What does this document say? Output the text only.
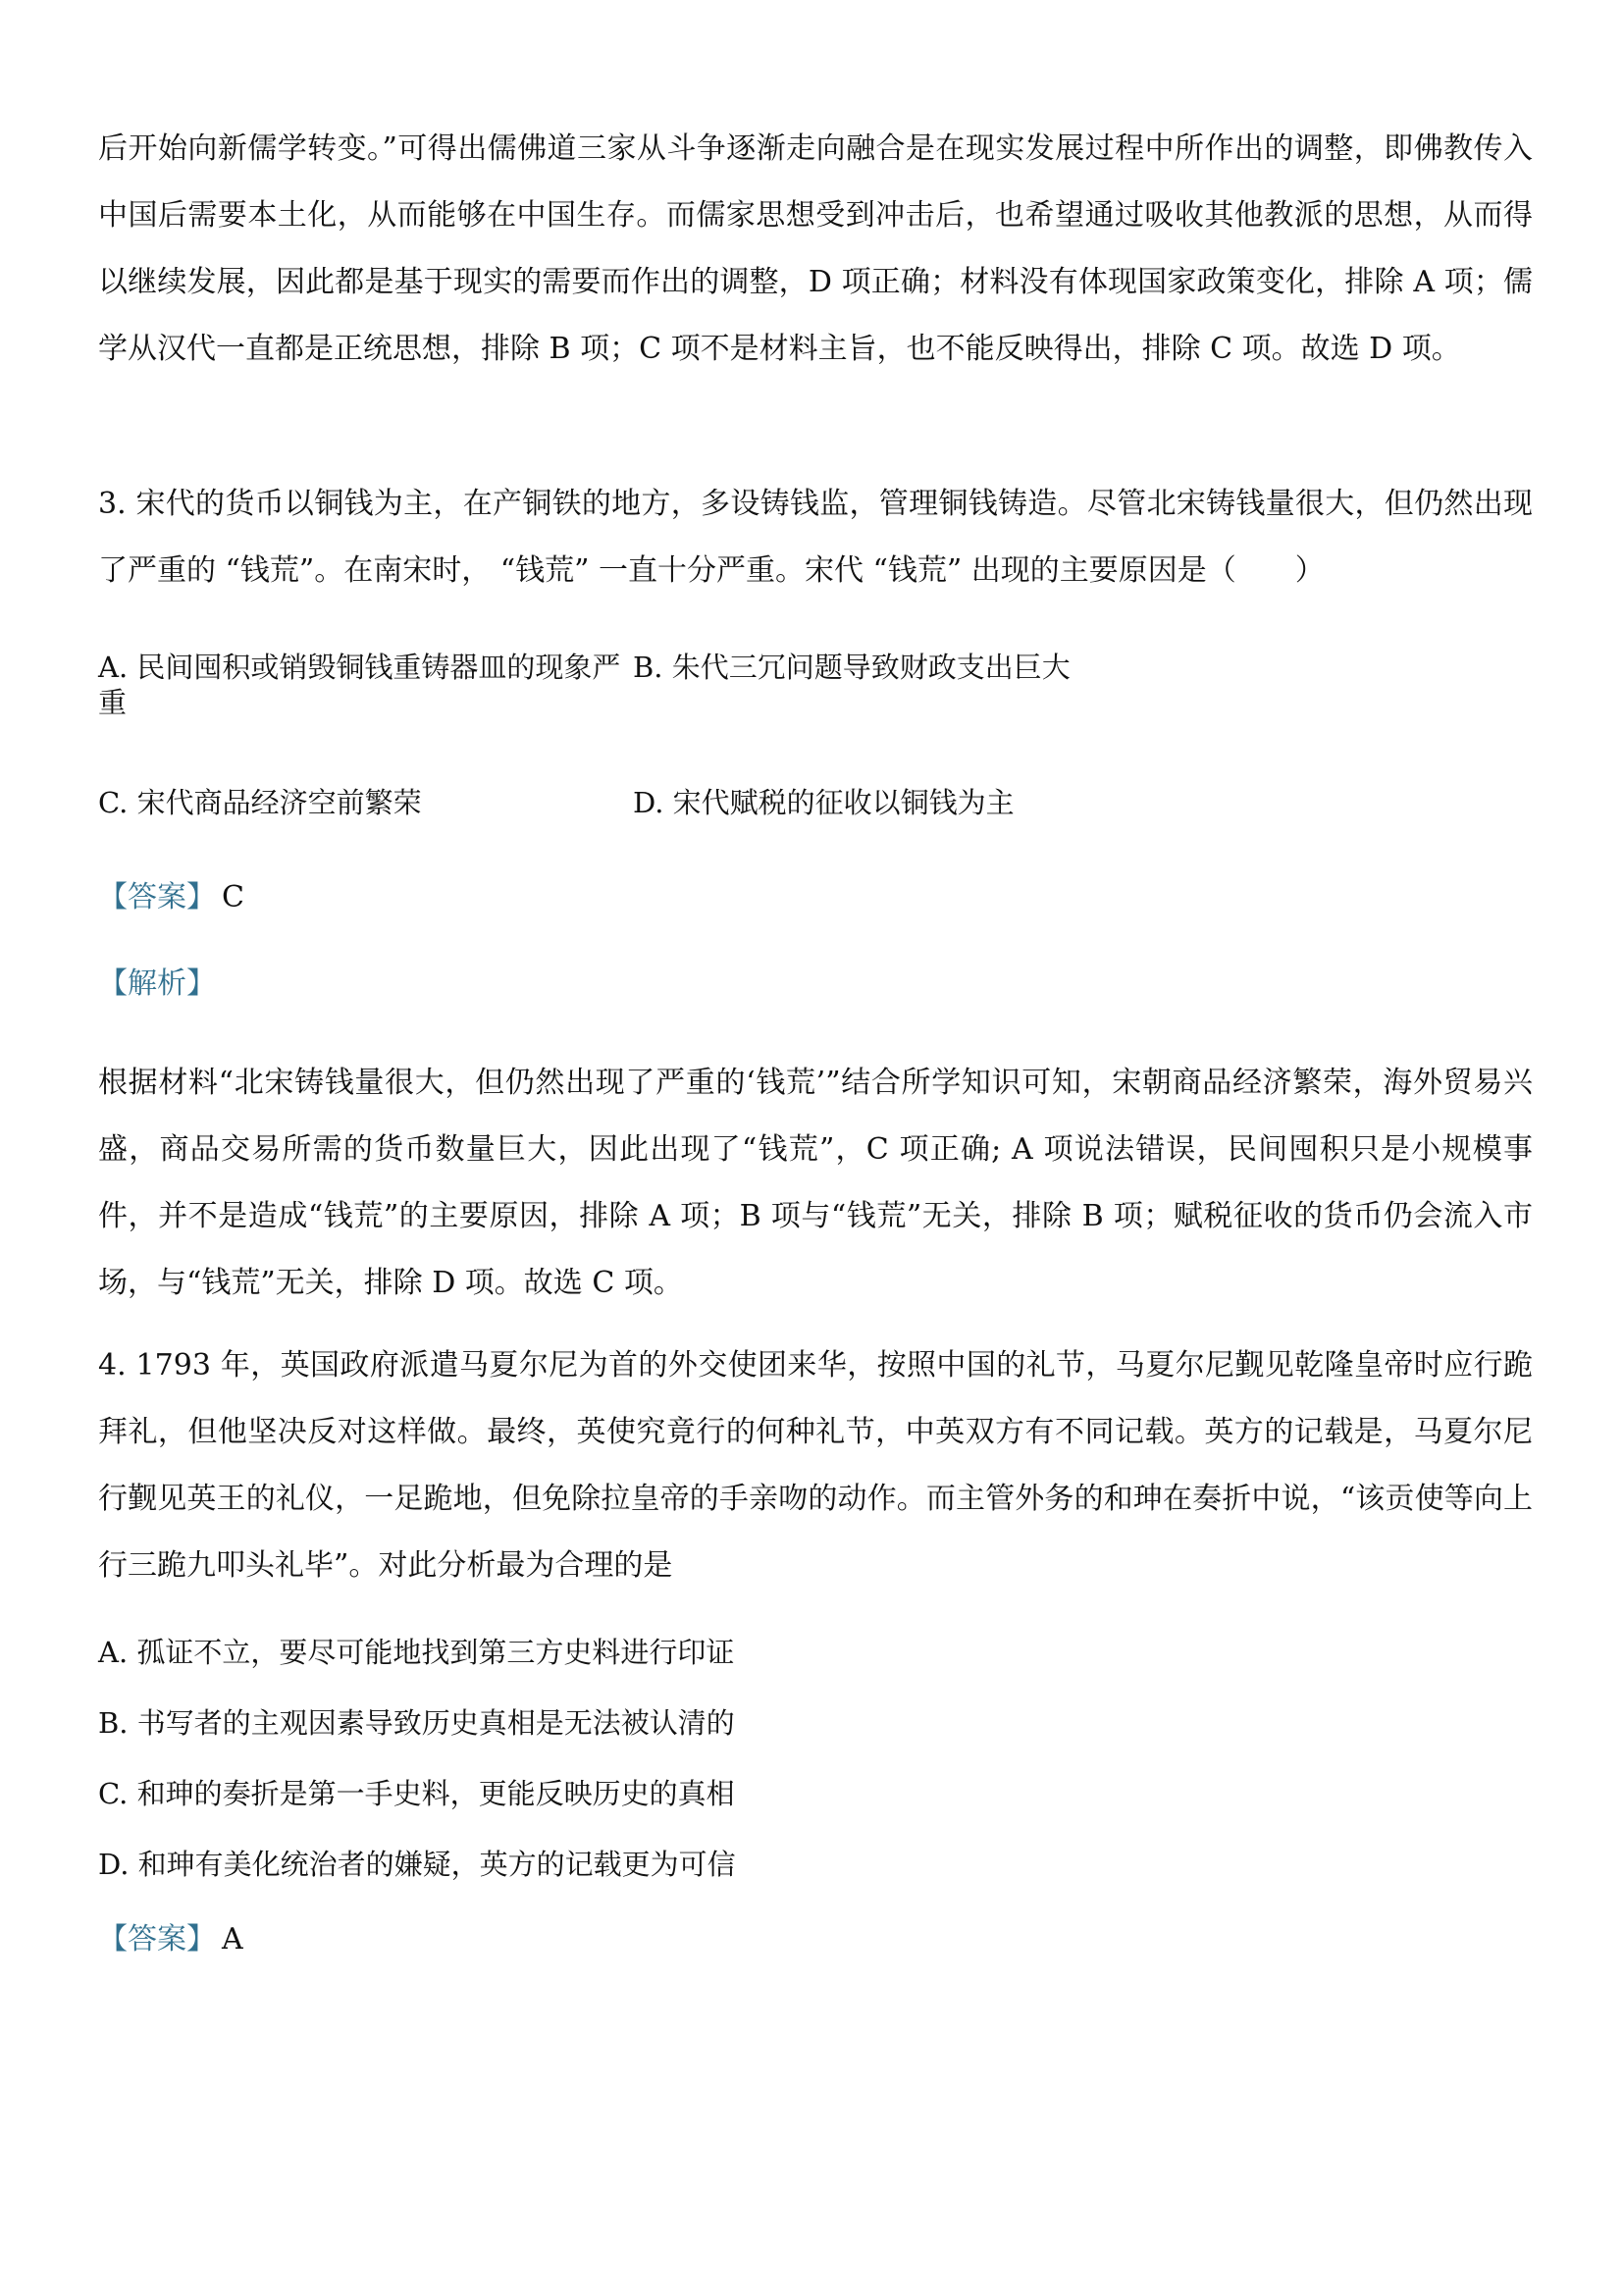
后开始向新儒学转变。”可得出儒佛道三家从斗争逐渐走向融合是在现实发展过程中所作出的调整，即佛教传入中国后需要本土化，从而能够在中国生存。而儒家思想受到冲击后，也希望通过吸收其他教派的思想，从而得以继续发展，因此都是基于现实的需要而作出的调整，D 项正确；材料没有体现国家政策变化，排除 A 项；儒学从汉代一直都是正统思想，排除 B 项；C 项不是材料主旨，也不能反映得出，排除 C 项。故选 D 项。

3. 宋代的货币以铜钱为主，在产铜铁的地方，多设铸钱监，管理铜钱铸造。尽管北宋铸钱量很大，但仍然出现了严重的 “钱荒”。在南宋时， “钱荒” 一直十分严重。宋代 “钱荒” 出现的主要原因是（　　）

A. 民间囤积或销毁铜钱重铸器皿的现象严重
B. 朱代三冗问题导致财政支出巨大
C. 宋代商品经济空前繁荣	D. 宋代赋税的征收以铜钱为主

【答案】 C

【解析】

根据材料“北宋铸钱量很大，但仍然出现了严重的‘钱荒’”结合所学知识可知，宋朝商品经济繁荣，海外贸易兴盛，商品交易所需的货币数量巨大，因此出现了“钱荒”，C 项正确; A 项说法错误，民间囤积只是小规模事件，并不是造成“钱荒”的主要原因，排除 A 项；B 项与“钱荒”无关，排除 B 项；赋税征收的货币仍会流入市场，与“钱荒”无关，排除 D 项。故选 C 项。

4. 1793 年，英国政府派遣马夏尔尼为首的外交使团来华，按照中国的礼节，马夏尔尼觐见乾隆皇帝时应行跪拜礼，但他坚决反对这样做。最终，英使究竟行的何种礼节，中英双方有不同记载。英方的记载是，马夏尔尼行觐见英王的礼仪，一足跪地，但免除拉皇帝的手亲吻的动作。而主管外务的和珅在奏折中说，“该贡使等向上行三跪九叩头礼毕”。对此分析最为合理的是

A. 孤证不立，要尽可能地找到第三方史料进行印证

B. 书写者的主观因素导致历史真相是无法被认清的

C. 和珅的奏折是第一手史料，更能反映历史的真相

D. 和珅有美化统治者的嫌疑，英方的记载更为可信

【答案】 A
